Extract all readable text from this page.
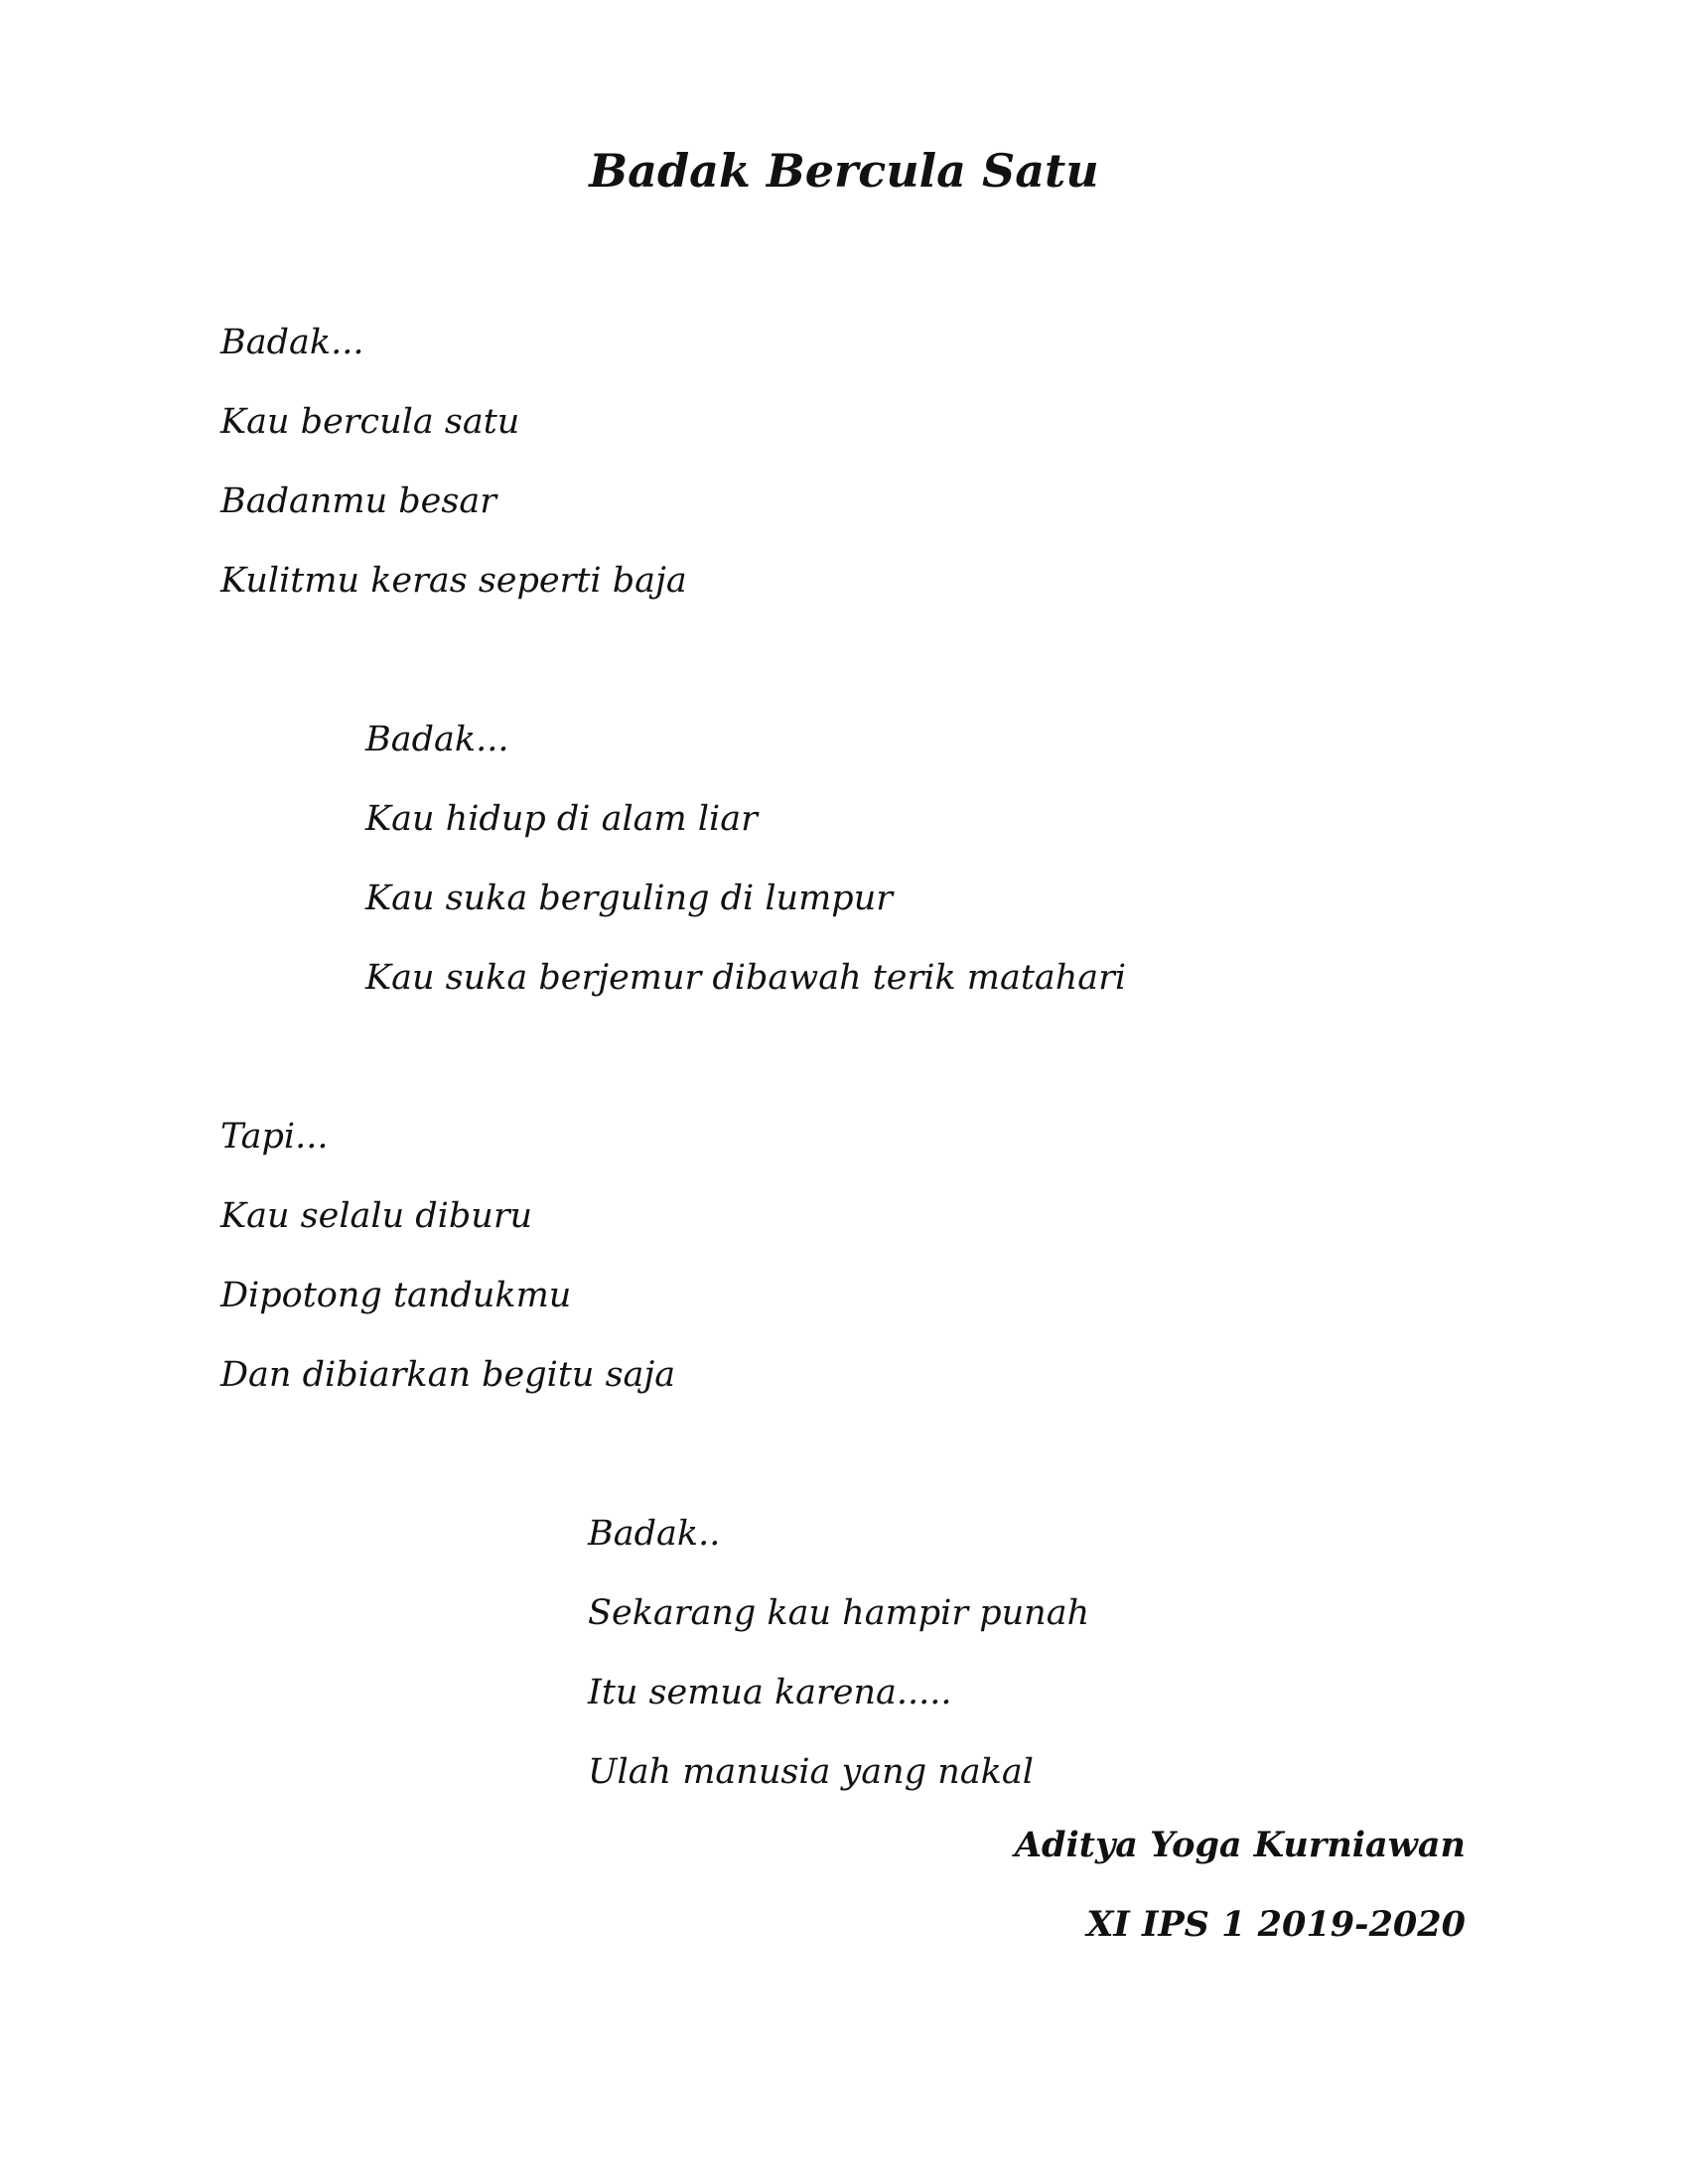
Badak Bercula Satu
Badak...
Kau bercula satu
Badanmu besar
Kulitmu keras seperti baja
Badak...
Kau hidup di alam liar
Kau suka berguling di lumpur
Kau suka berjemur dibawah terik matahari
Tapi...
Kau selalu diburu
Dipotong tandukmu
Dan dibiarkan begitu saja
Badak..
Sekarang kau hampir punah
Itu semua karena.....
Ulah manusia yang nakal
Aditya Yoga Kurniawan
XI IPS 1 2019-2020
